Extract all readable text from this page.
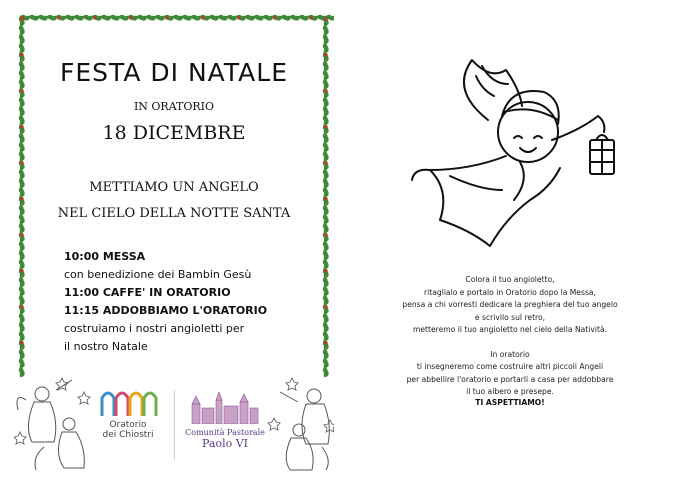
FESTA DI NATALE
IN ORATORIO
18 DICEMBRE
METTIAMO UN ANGELO
NEL CIELO DELLA NOTTE SANTA
10:00 MESSA
con benedizione dei Bambin Gesù
11:00 CAFFE' IN ORATORIO
11:15 ADDOBBIAMO L'ORATORIO
costruiamo i nostri angioletti per
il nostro Natale
Oratorio
dei Chiostri	Comunità Pastorale
Paolo VI
Colora il tuo angioletto,
ritaglialo e portalo in Oratorio dopo la Messa,
pensa a chi vorresti dedicare la preghiera del tuo angelo
e scrivilo sul retro,
metteremo il tuo angioletto nel cielo della Natività.
In oratorio
ti insegneremo come costruire altri piccoli Angeli
per abbellire l'oratorio e portarli a casa per addobbare
il tuo albero e presepe.
TI ASPETTIAMO!
